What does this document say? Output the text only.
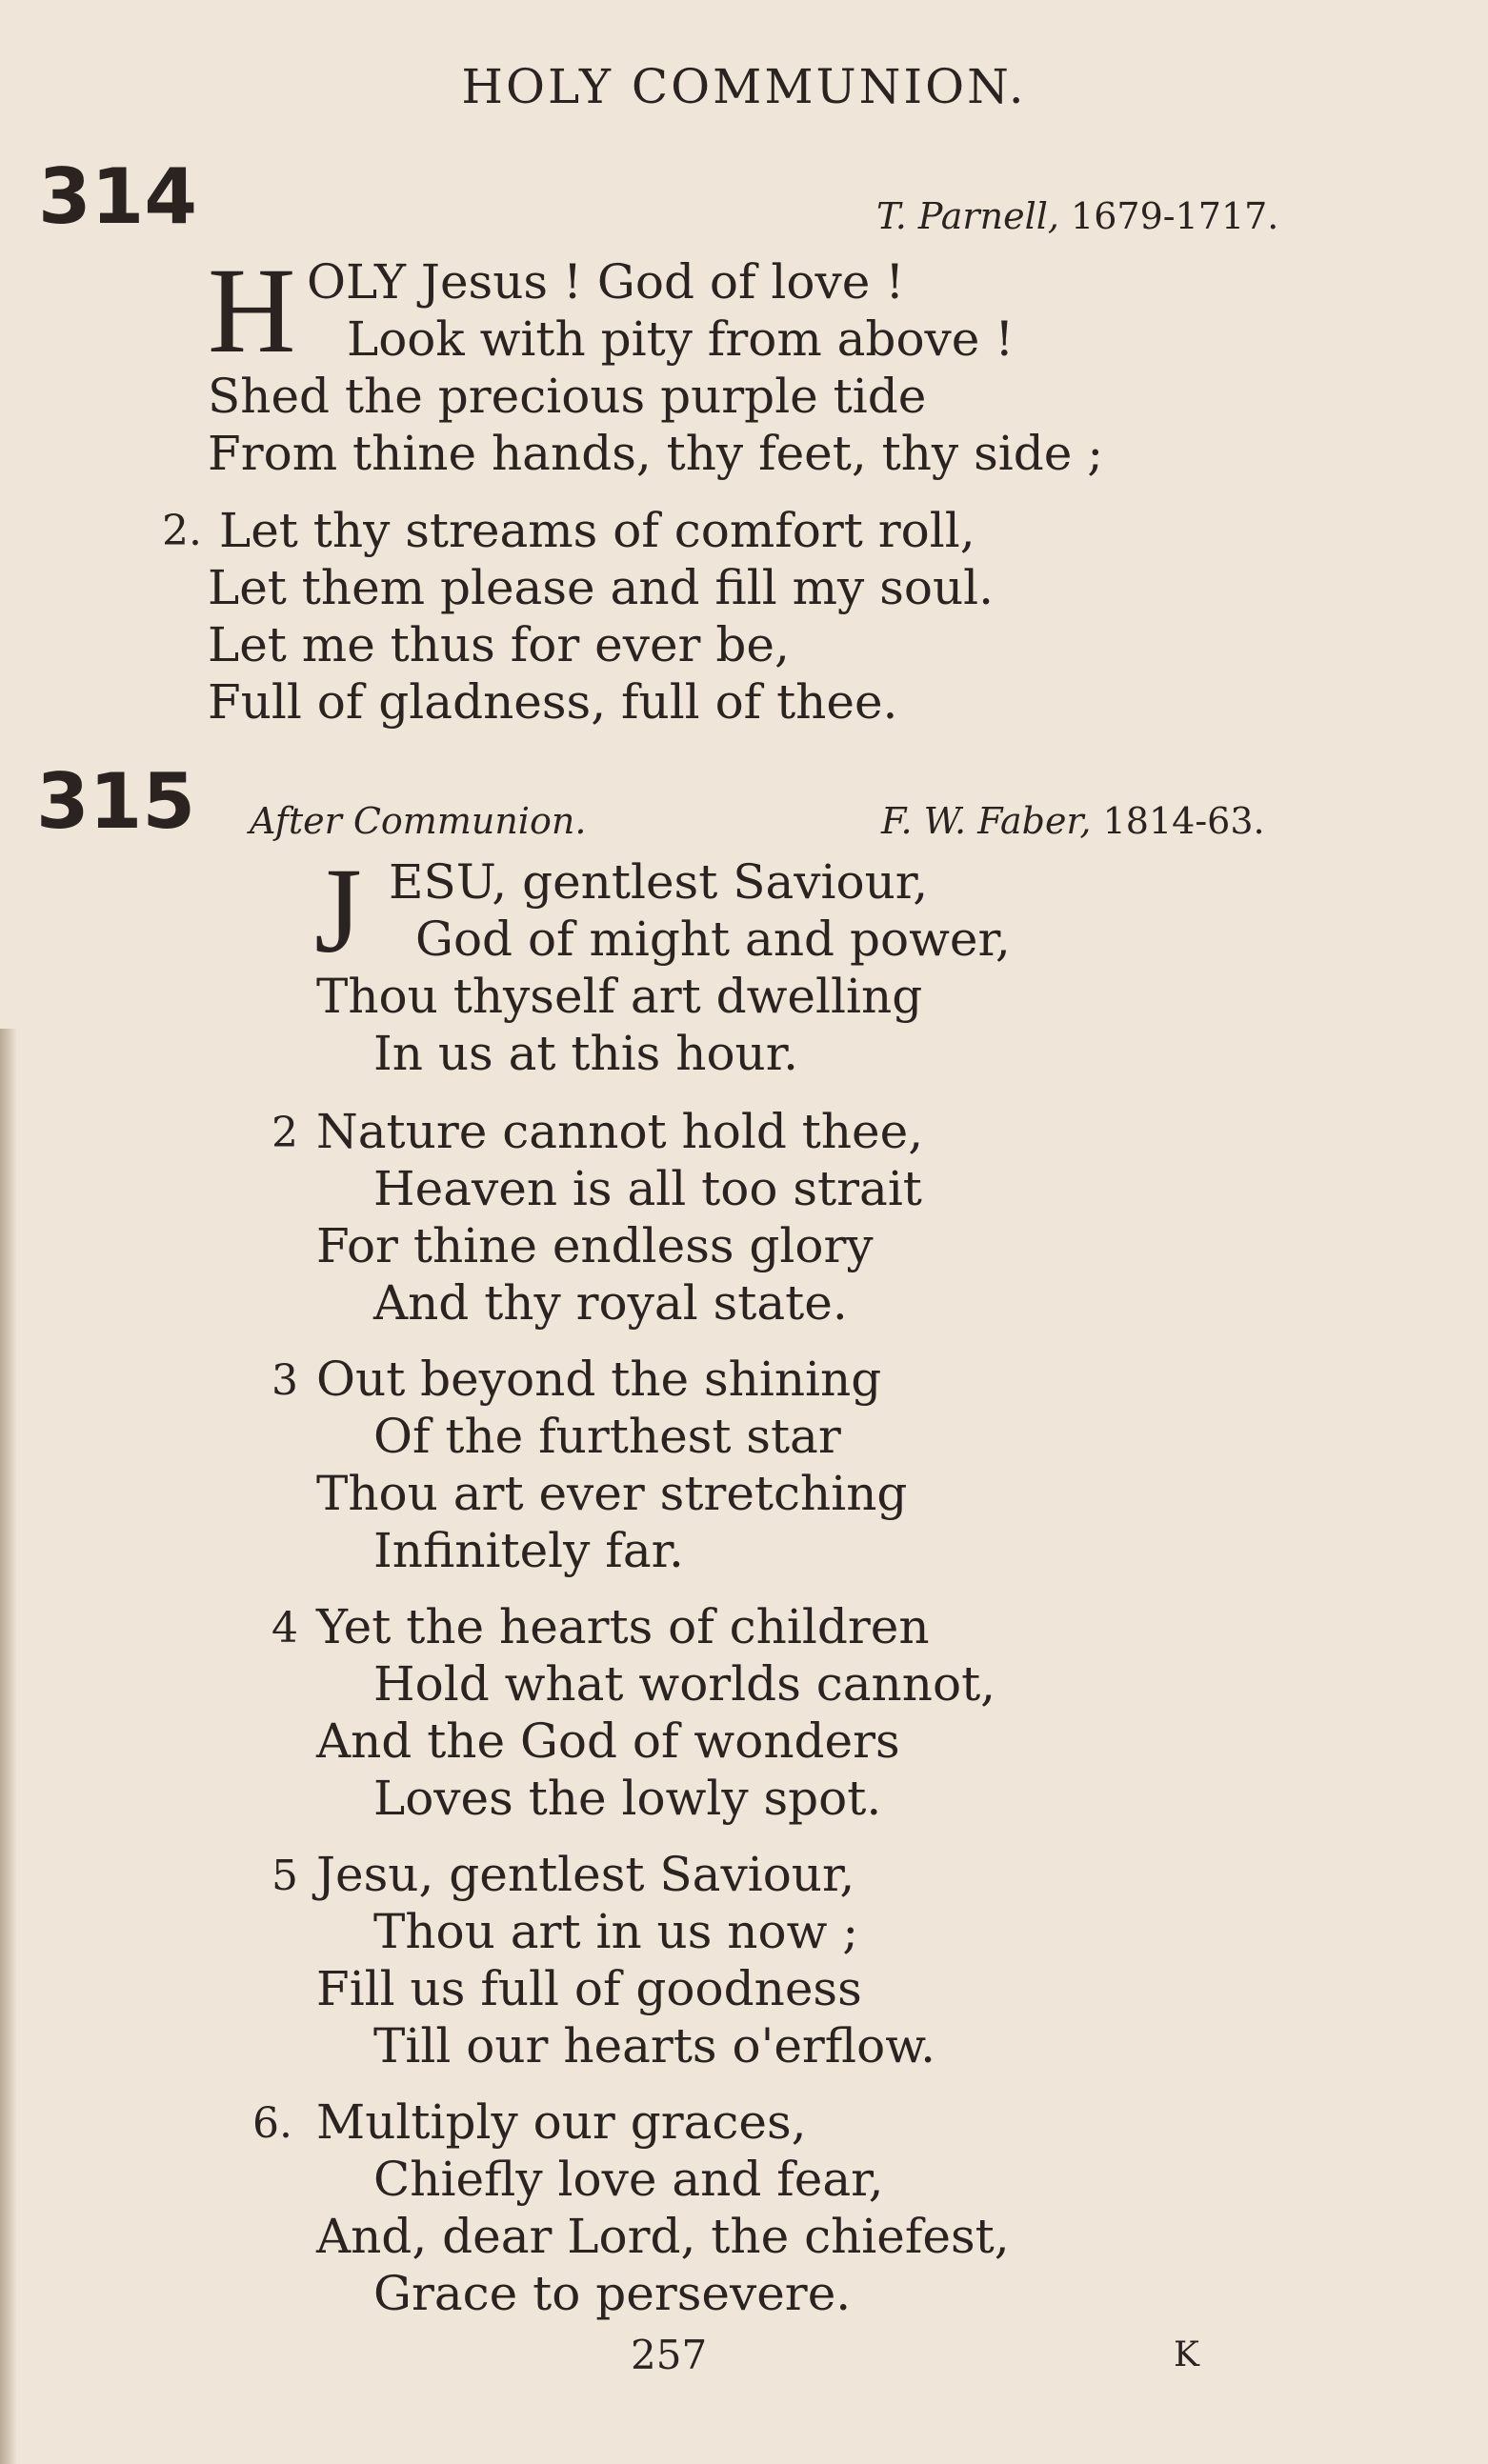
HOLY COMMUNION.
314	T. Parnell, 1679-1717.
H OLY Jesus ! God of love !
Look with pity from above !
Shed the precious purple tide
From thine hands, thy feet, thy side ;
2. Let thy streams of comfort roll,
Let them please and fill my soul.
Let me thus for ever be,
Full of gladness, full of thee.
315 After Communion.	F. W. Faber, 1814-63.
J ESU, gentlest Saviour,
God of might and power,
Thou thyself art dwelling
In us at this hour.
2 Nature cannot hold thee,
Heaven is all too strait
For thine endless glory
And thy royal state.
3 Out beyond the shining
Of the furthest star
Thou art ever stretching
Infinitely far.
4 Yet the hearts of children
Hold what worlds cannot,
And the God of wonders
Loves the lowly spot.
5 Jesu, gentlest Saviour,
Thou art in us now ;
Fill us full of goodness
Till our hearts o'erflow.
6. Multiply our graces,
Chiefly love and fear,
And, dear Lord, the chiefest,
Grace to persevere.
257	K
